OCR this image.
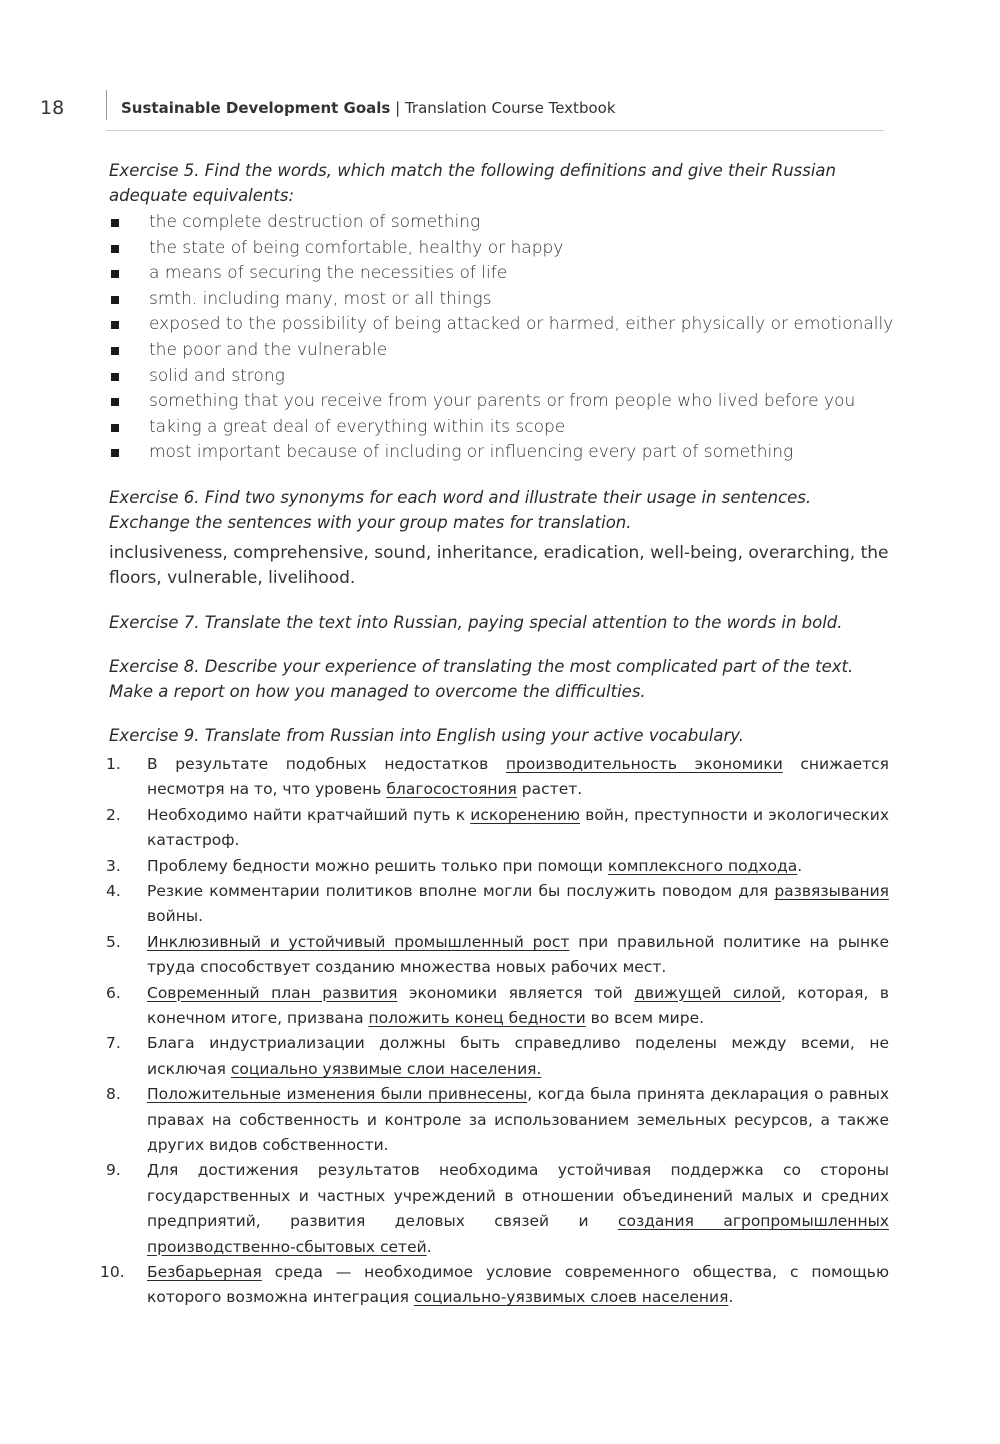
18	Sustainable Development Goals | Translation Course Textbook

Exercise 5. Find the words, which match the following definitions and give their Russian
adequate equivalents:

the complete destruction of something
the state of being comfortable, healthy or happy
a means of securing the necessities of life
smth. including many, most or all things
exposed to the possibility of being attacked or harmed, either physically or emotionally
the poor and the vulnerable
solid and strong
something that you receive from your parents or from people who lived before you
taking a great deal of everything within its scope
most important because of including or influencing every part of something

Exercise 6. Find two synonyms for each word and illustrate their usage in sentences.
Exchange the sentences with your group mates for translation.

inclusiveness, comprehensive, sound, inheritance, eradication, well-being, overarching, the floors, vulnerable, livelihood.

Exercise 7. Translate the text into Russian, paying special attention to the words in bold.

Exercise 8. Describe your experience of translating the most complicated part of the text.
Make a report on how you managed to overcome the difficulties.

Exercise 9. Translate from Russian into English using your active vocabulary.

1.	В результате подобных недостатков производительность экономики снижается несмотря на то, что уровень благосостояния растет.
2.	Необходимо найти кратчайший путь к искоренению войн, преступности и экологических катастроф.
3.	Проблему бедности можно решить только при помощи комплексного подхода.
4.	Резкие комментарии политиков вполне могли бы послужить поводом для развязывания войны.
5.	Инклюзивный и устойчивый промышленный рост при правильной политике на рынке труда способствует созданию множества новых рабочих мест.
6.	Современный план развития экономики является той движущей силой, которая, в конечном итоге, призвана положить конец бедности во всем мире.
7.	Блага индустриализации должны быть справедливо поделены между всеми, не исключая социально уязвимые слои населения.
8.	Положительные изменения были привнесены, когда была принята декларация о равных правах на собственность и контроле за использованием земельных ресурсов, а также других видов собственности.
9.	Для достижения результатов необходима устойчивая поддержка со стороны государственных и частных учреждений в отношении объединений малых и средних предприятий, развития деловых связей и создания агропромышленных производственно-сбытовых сетей.
10.	Безбарьерная среда — необходимое условие современного общества, с помощью которого возможна интеграция социально-уязвимых слоев населения.
